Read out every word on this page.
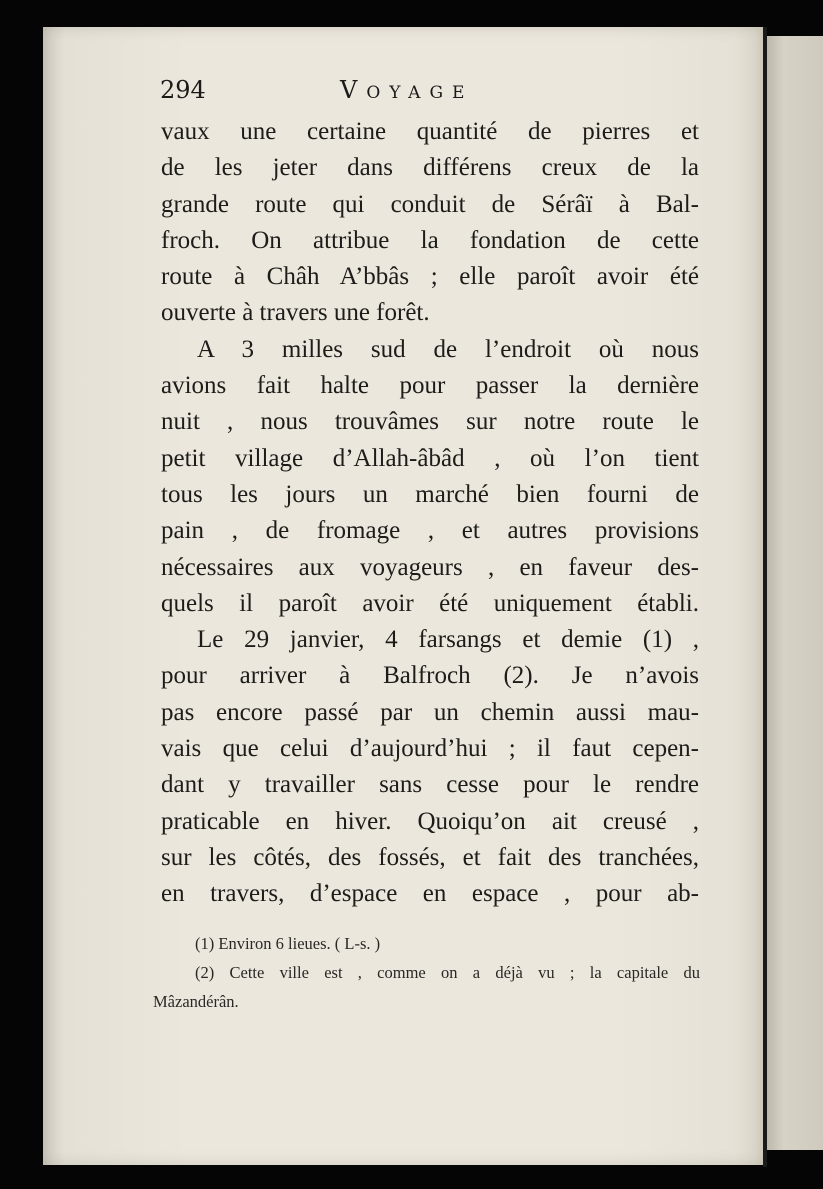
294	Voyage
vaux une certaine quantité de pierres et
de les jeter dans différens creux de la
grande route qui conduit de Sérâï à Bal-
froch. On attribue la fondation de cette
route à Châh A’bbâs ; elle paroît avoir été
ouverte à travers une forêt.
A 3 milles sud de l’endroit où nous
avions fait halte pour passer la dernière
nuit , nous trouvâmes sur notre route le
petit village d’Allah-âbâd , où l’on tient
tous les jours un marché bien fourni de
pain , de fromage , et autres provisions
nécessaires aux voyageurs , en faveur des-
quels il paroît avoir été uniquement établi.
Le 29 janvier, 4 farsangs et demie (1) ,
pour arriver à Balfroch (2). Je n’avois
pas encore passé par un chemin aussi mau-
vais que celui d’aujourd’hui ; il faut cepen-
dant y travailler sans cesse pour le rendre
praticable en hiver. Quoiqu’on ait creusé ,
sur les côtés, des fossés, et fait des tranchées,
en travers, d’espace en espace , pour ab-
(1) Environ 6 lieues. ( L-s. )
(2) Cette ville est , comme on a déjà vu ; la capitale du
Mâzandérân.
